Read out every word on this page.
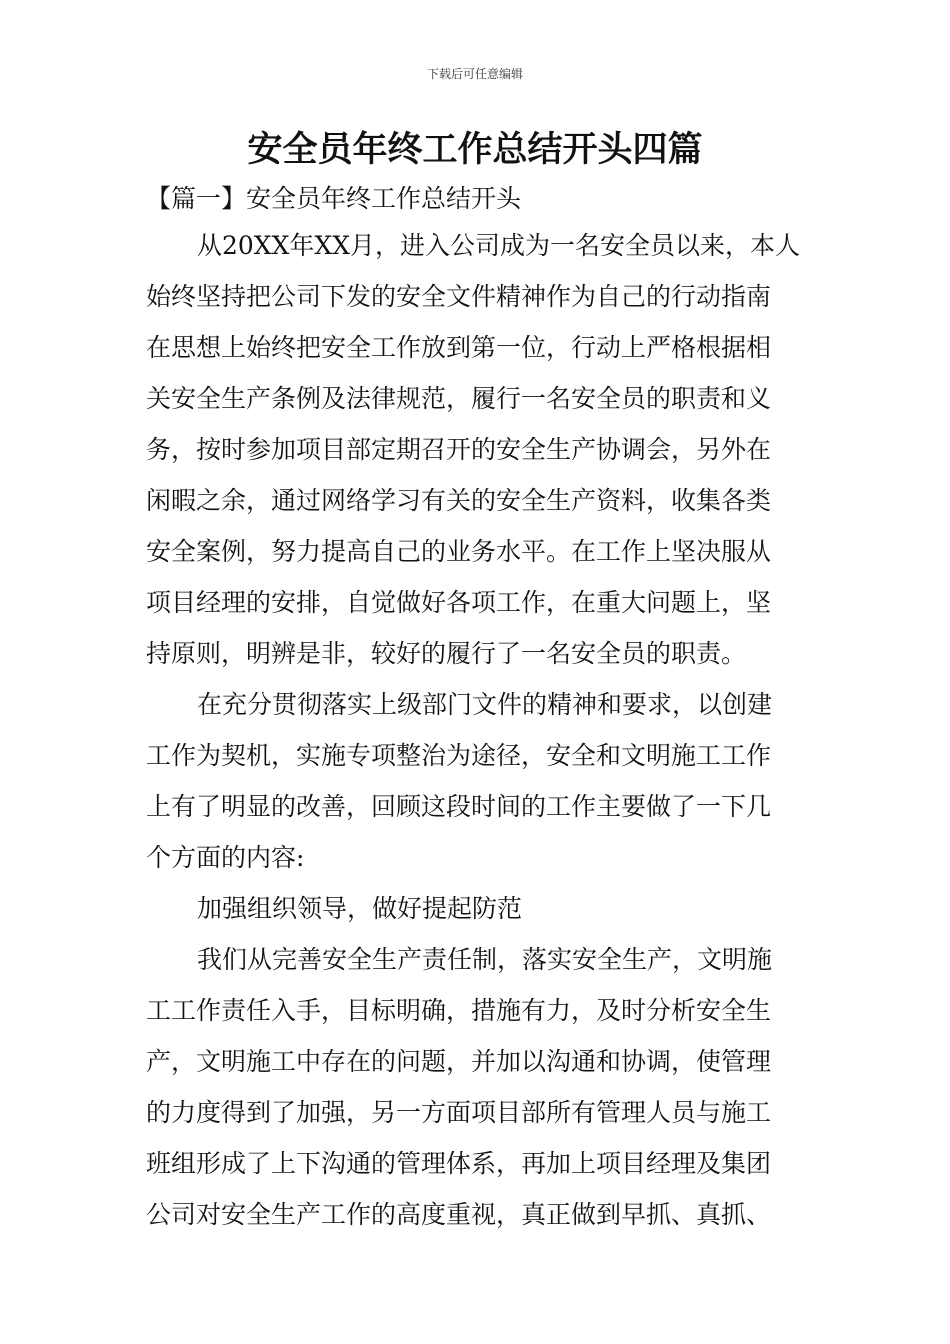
下载后可任意编辑
安全员年终工作总结开头四篇
【篇一】安全员年终工作总结开头
从20XX年XX月，进入公司成为一名安全员以来，本人
始终坚持把公司下发的安全文件精神作为自己的行动指南
在思想上始终把安全工作放到第一位，行动上严格根据相
关安全生产条例及法律规范，履行一名安全员的职责和义
务，按时参加项目部定期召开的安全生产协调会，另外在
闲暇之余，通过网络学习有关的安全生产资料，收集各类
安全案例，努力提高自己的业务水平。在工作上坚决服从
项目经理的安排，自觉做好各项工作，在重大问题上，坚
持原则，明辨是非，较好的履行了一名安全员的职责。
在充分贯彻落实上级部门文件的精神和要求，以创建
工作为契机，实施专项整治为途径，安全和文明施工工作
上有了明显的改善，回顾这段时间的工作主要做了一下几
个方面的内容:
加强组织领导，做好提起防范
我们从完善安全生产责任制，落实安全生产，文明施
工工作责任入手，目标明确，措施有力，及时分析安全生
产，文明施工中存在的问题，并加以沟通和协调，使管理
的力度得到了加强，另一方面项目部所有管理人员与施工
班组形成了上下沟通的管理体系，再加上项目经理及集团
公司对安全生产工作的高度重视，真正做到早抓、真抓、
